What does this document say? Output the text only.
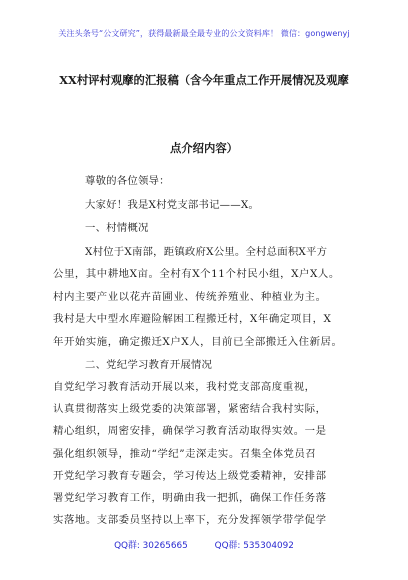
关注头条号“公文研究”，获得最新最全最专业的公文资料库！ 微信：gongwenyj
XX村评村观摩的汇报稿（含今年重点工作开展情况及观摩
点介绍内容）
尊敬的各位领导：
大家好！我是X村党支部书记——X。
一、村情概况
X村位于X南部，距镇政府X公里。全村总面积X平方
公里，其中耕地X亩。全村有X个11个村民小组，X户X人。
村内主要产业以花卉苗圃业、传统养殖业、种植业为主。
我村是大中型水库避险解困工程搬迁村，X年确定项目，X
年开始实施，确定搬迁X户X人，目前已全部搬迁入住新居。
二、党纪学习教育开展情况
自党纪学习教育活动开展以来，我村党支部高度重视，
认真贯彻落实上级党委的决策部署，紧密结合我村实际，
精心组织，周密安排，确保学习教育活动取得实效。一是
强化组织领导，推动“学纪”走深走实。召集全体党员召
开党纪学习教育专题会，学习传达上级党委精神，安排部
署党纪学习教育工作，明确由我一把抓，确保工作任务落
实落地。支部委员坚持以上率下，充分发挥领学带学促学
QQ群: 30265665	QQ群: 535304092
